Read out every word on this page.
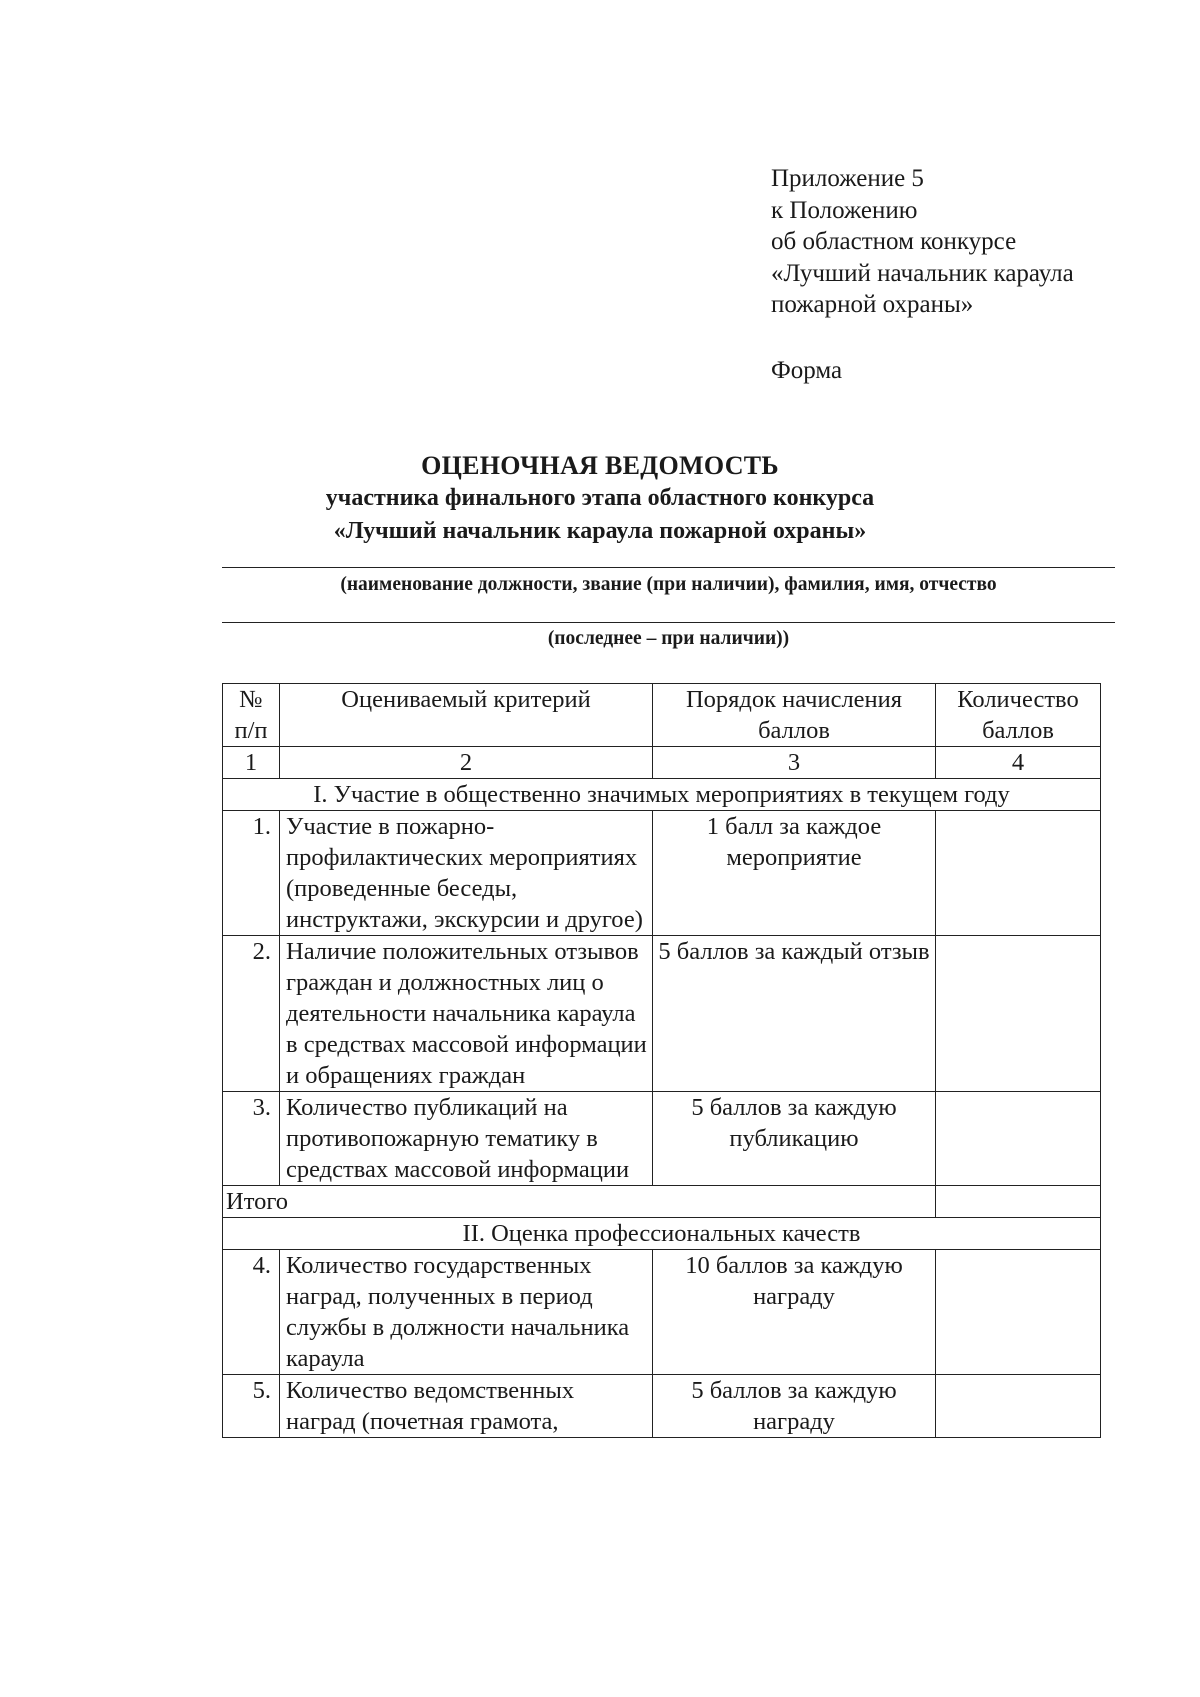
Приложение 5
к Положению
об областном конкурсе
«Лучший начальник караула
пожарной охраны»
Форма
ОЦЕНОЧНАЯ ВЕДОМОСТЬ
участника финального этапа областного конкурса
«Лучший начальник караула пожарной охраны»
(наименование должности, звание (при наличии), фамилия, имя, отчество
(последнее – при наличии))
№ п/п	Оцениваемый критерий	Порядок начисления баллов	Количество баллов
1	2	3	4
I. Участие в общественно значимых мероприятиях в текущем году			
1.	Участие в пожарно-профилактических мероприятиях (проведенные беседы, инструктажи, экскурсии и другое)	1 балл за каждое мероприятие	
2.	Наличие положительных отзывов граждан и должностных лиц о деятельности начальника караула в средствах массовой информации и обращениях граждан	5 баллов за каждый отзыв	
3.	Количество публикаций на противопожарную тематику в средствах массовой информации	5 баллов за каждую публикацию	
Итого			
II. Оценка профессиональных качеств			
4.	Количество государственных наград, полученных в период службы в должности начальника караула	10 баллов за каждую награду	
5.	Количество ведомственных наград (почетная грамота,	5 баллов за каждую награду	
